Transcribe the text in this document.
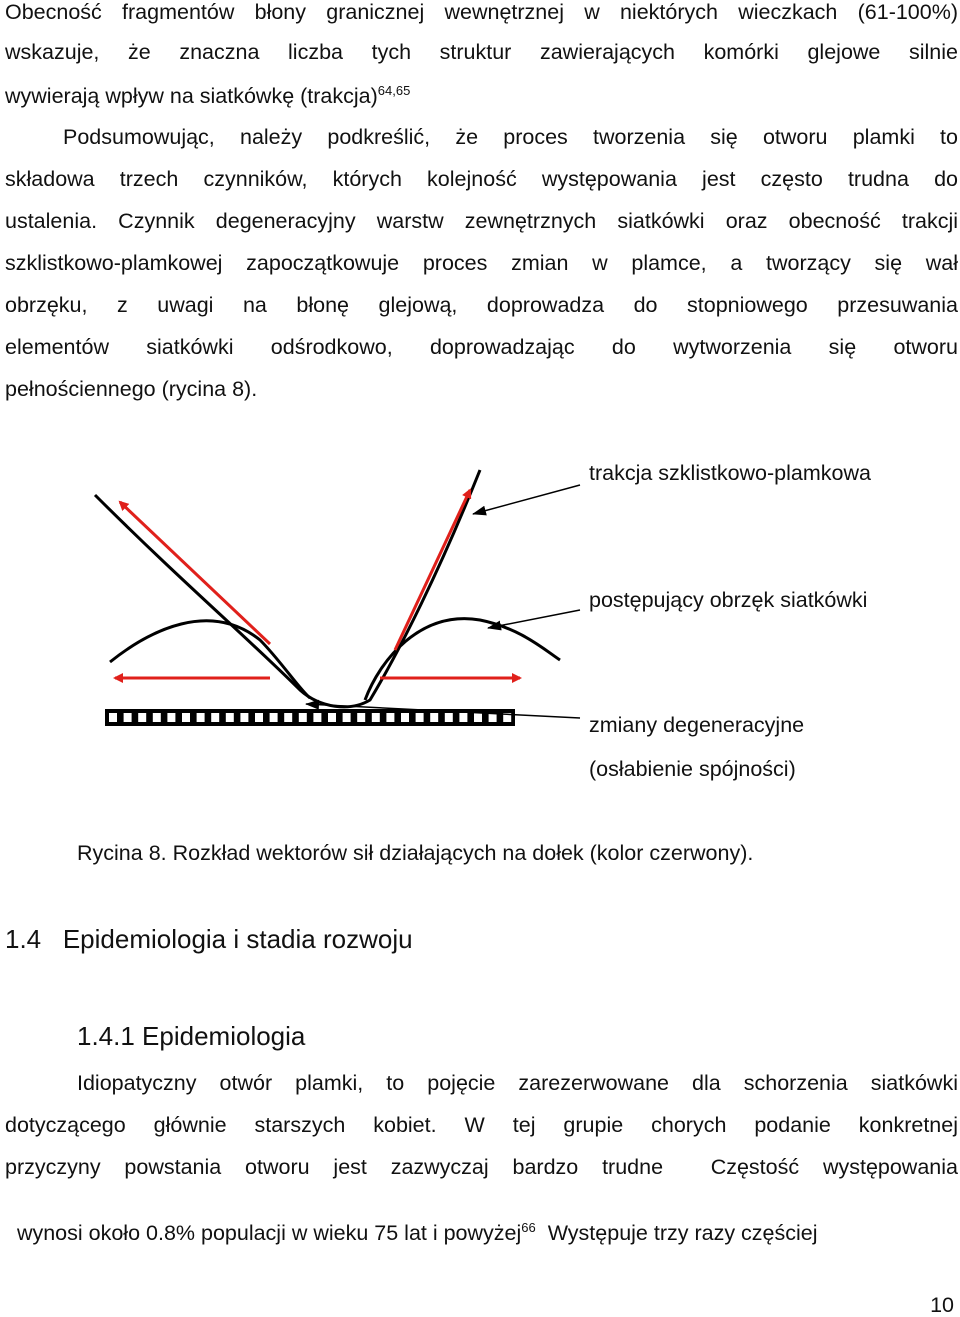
Obecność fragmentów błony granicznej wewnętrznej w niektórych wieczkach (61-100%)
wskazuje, że znaczna liczba tych struktur zawierających komórki glejowe silnie
wywierają wpływ na siatkówkę (trakcja)$^{64,65}$
Podsumowując, należy podkreślić, że proces tworzenia się otworu plamki to
składowa trzech czynników, których kolejność występowania jest często trudna do
ustalenia. Czynnik degeneracyjny warstw zewnętrznych siatkówki oraz obecność trakcji
szklistkowo-plamkowej zapoczątkowuje proces zmian w plamce, a tworzący się wał
obrzęku, z uwagi na błonę glejową, doprowadza do stopniowego przesuwania
elementów siatkówki odśrodkowo, doprowadzając do wytworzenia się otworu
pełnościennego (rycina 8).
trakcja szklistkowo-plamkowa
postępujący obrzęk siatkówki
zmiany degeneracyjne
(osłabienie spójności)
Rycina 8. Rozkład wektorów sił działających na dołek (kolor czerwony).
1.4   Epidemiologia i stadia rozwoju
1.4.1 Epidemiologia
Idiopatyczny otwór plamki, to pojęcie zarezerwowane dla schorzenia siatkówki
dotyczącego głównie starszych kobiet. W tej grupie chorych podanie konkretnej
przyczyny powstania otworu jest zazwyczaj bardzo trudne  Częstość występowania

wynosi około 0.8% populacji w wieku 75 lat i powyżej$^{66}$  Występuje trzy razy częściej

10
